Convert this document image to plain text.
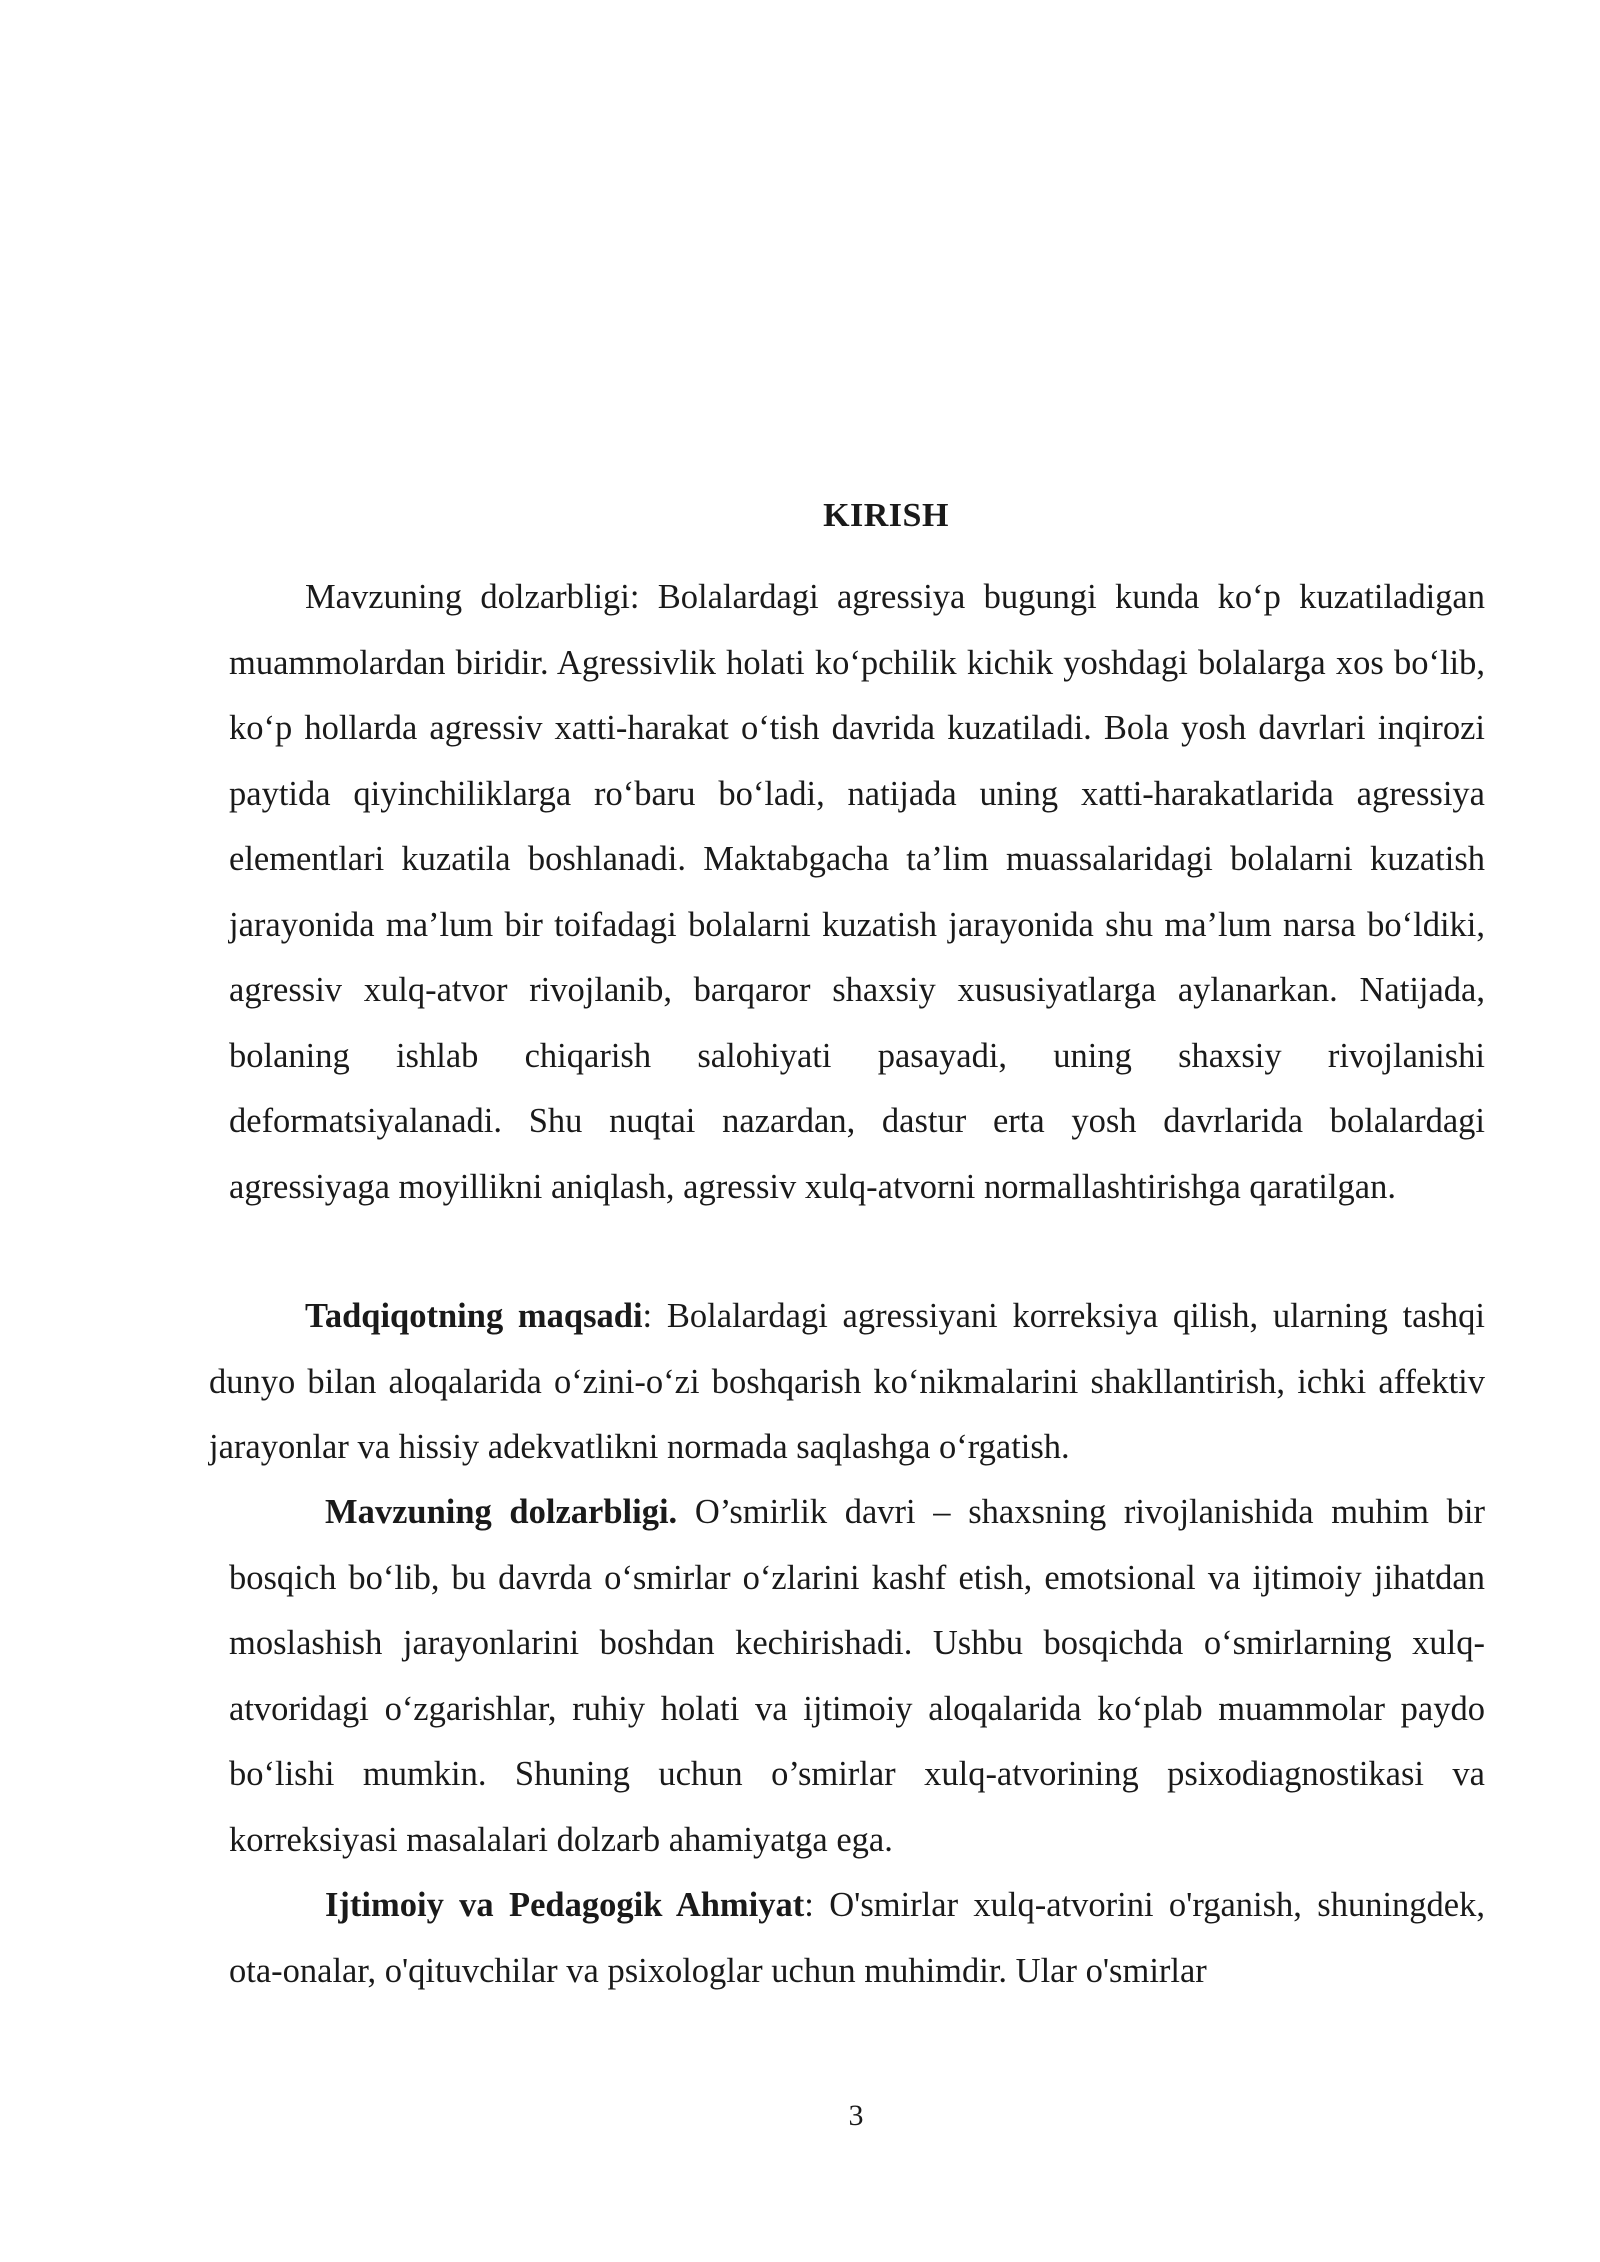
KIRISH

Mavzuning dolzarbligi: Bolalardagi agressiya bugungi kunda ko‘p kuzatiladigan muammolardan biridir. Agressivlik holati ko‘pchilik kichik yoshdagi bolalarga xos bo‘lib, ko‘p hollarda agressiv xatti-harakat o‘tish davrida kuzatiladi. Bola yosh davrlari inqirozi paytida qiyinchiliklarga ro‘baru bo‘ladi, natijada uning xatti-harakatlarida agressiya elementlari kuzatila boshlanadi. Maktabgacha ta’lim muassalaridagi bolalarni kuzatish jarayonida ma’lum bir toifadagi bolalarni kuzatish jarayonida shu ma’lum narsa bo‘ldiki, agressiv xulq-atvor rivojlanib, barqaror shaxsiy xususiyatlarga aylanarkan. Natijada, bolaning ishlab chiqarish salohiyati pasayadi, uning shaxsiy rivojlanishi deformatsiyalanadi. Shu nuqtai nazardan, dastur erta yosh davrlarida bolalardagi agressiyaga moyillikni aniqlash, agressiv xulq-atvorni normallashtirishga qaratilgan.

Tadqiqotning maqsadi: Bolalardagi agressiyani korreksiya qilish, ularning tashqi dunyo bilan aloqalarida o‘zini-o‘zi boshqarish ko‘nikmalarini shakllantirish, ichki affektiv jarayonlar va hissiy adekvatlikni normada saqlashga o‘rgatish.

Mavzuning dolzarbligi. O’smirlik davri – shaxsning rivojlanishida muhim bir bosqich bo‘lib, bu davrda o‘smirlar o‘zlarini kashf etish, emotsional va ijtimoiy jihatdan moslashish jarayonlarini boshdan kechirishadi. Ushbu bosqichda o‘smirlarning xulq-atvoridagi o‘zgarishlar, ruhiy holati va ijtimoiy aloqalarida ko‘plab muammolar paydo bo‘lishi mumkin. Shuning uchun o’smirlar xulq-atvorining psixodiagnostikasi va korreksiyasi masalalari dolzarb ahamiyatga ega.

Ijtimoiy va Pedagogik Ahmiyat: O'smirlar xulq-atvorini o'rganish, shuningdek, ota-onalar, o'qituvchilar va psixologlar uchun muhimdir. Ular o'smirlar

3
